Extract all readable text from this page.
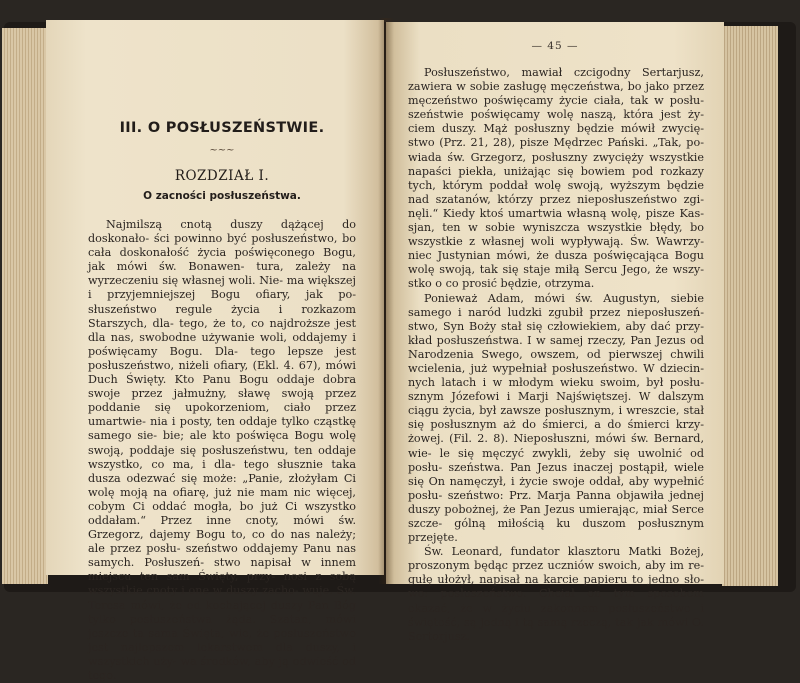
III. O POSŁUSZEŃSTWIE.
~~~
ROZDZIAŁ I.
O zacności posłuszeństwa.

Najmilszą cnotą duszy dążącej do doskonało- ści powinno być posłuszeństwo, bo cała doskonałość życia poświęconego Bogu, jak mówi św. Bonawen- tura, zależy na wyrzeczeniu się własnej woli. Nie- ma większej i przyjemniejszej Bogu ofiary, jak po- słuszeństwo regule życia i rozkazom Starszych, dla- tego, że to, co najdroższe jest dla nas, swobodne używanie woli, oddajemy i poświęcamy Bogu. Dla- tego lepsze jest posłuszeństwo, niżeli ofiary, (Ekl. 4. 67), mówi Duch Święty. Kto Panu Bogu oddaje dobra swoje przez jałmużny, sławę swoją przez poddanie się upokorzeniom, ciało przez umartwie- nia i posty, ten oddaje tylko cząstkę samego sie- bie; ale kto poświęca Bogu wolę swoją, poddaje się posłuszeństwu, ten oddaje wszystko, co ma, i dla- tego słusznie taka dusza odezwać się może: „Panie, złożyłam Ci wolę moją na ofiarę, już nie mam nic więcej, cobym Ci oddać mogła, bo już Ci wszystko oddałam.“ Przez inne cnoty, mówi św. Grzegorz, dajemy Bogu to, co do nas należy; ale przez posłu- szeństwo oddajemy Panu nas samych. Posłuszeń- stwo napisał w innem miejscu ten sam Święty, przy- nosi z sobą wszystkie cnoty i one w duszy zacho- wuje. Św. Teresa mówi, że od kochającej duszy Pan Bóg tylko posłuszeństwa żąda. Szatan, mówi jeszcze ta sama Święta, wie, że posłuszeństwo jest najlepszem lekarstwem dla duszy, i wszystkich uży- wa środków, aby ją odwieść od tego.

— 45 —

Posłuszeństwo, mawiał czcigodny Sertarjusz, zawiera w sobie zasługę męczeństwa, bo jako przez męczeństwo poświęcamy życie ciała, tak w posłu- szeństwie poświęcamy wolę naszą, która jest ży- ciem duszy. Mąż posłuszny będzie mówił zwycię- stwo (Prz. 21, 28), pisze Mędrzec Pański. „Tak, po- wiada św. Grzegorz, posłuszny zwycięży wszystkie napaści piekła, uniżając się bowiem pod rozkazy tych, którym poddał wolę swoją, wyższym będzie nad szatanów, którzy przez nieposłuszeństwo zgi- nęli.“ Kiedy ktoś umartwia własną wolę, pisze Kas- sjan, ten w sobie wyniszcza wszystkie błędy, bo wszystkie z własnej woli wypływają. Św. Wawrzy- niec Justynian mówi, że dusza poświęcająca Bogu wolę swoją, tak się staje miłą Sercu Jego, że wszy- stko o co prosić będzie, otrzyma.

Ponieważ Adam, mówi św. Augustyn, siebie samego i naród ludzki zgubił przez nieposłuszeń- stwo, Syn Boży stał się człowiekiem, aby dać przy- kład posłuszeństwa. I w samej rzeczy, Pan Jezus od Narodzenia Swego, owszem, od pierwszej chwili wcielenia, już wypełniał posłuszeństwo. W dziecin- nych latach i w młodym wieku swoim, był posłu- sznym Józefowi i Marji Najświętszej. W dalszym ciągu życia, był zawsze posłusznym, i wreszcie, stał się posłusznym aż do śmierci, a do śmierci krzy- żowej. (Fil. 2. 8). Nieposłuszni, mówi św. Bernard, wie- le się męczyć zwykli, żeby się uwolnić od posłu- szeństwa. Pan Jezus inaczej postąpił, wiele się On namęczył, i życie swoje oddał, aby wypełnić posłu- szeństwo: Prz. Marja Panna objawiła jednej duszy pobożnej, że Pan Jezus umierając, miał Serce szcze- gólną miłością ku duszom posłusznym przejęte.

Św. Leonard, fundator klasztoru Matki Bożej, proszonym będąc przez uczniów swoich, aby im re- gułę ułożył, napisał na karcie papieru to jedno sło- wo: posłuszeństwo. Chciał on tym sposobem okazać, że w życiu zakonnem posłuszeństwo i świętość, są jedną i tą samą rzeczą, tak jak mówi O. Sertorjusz.
